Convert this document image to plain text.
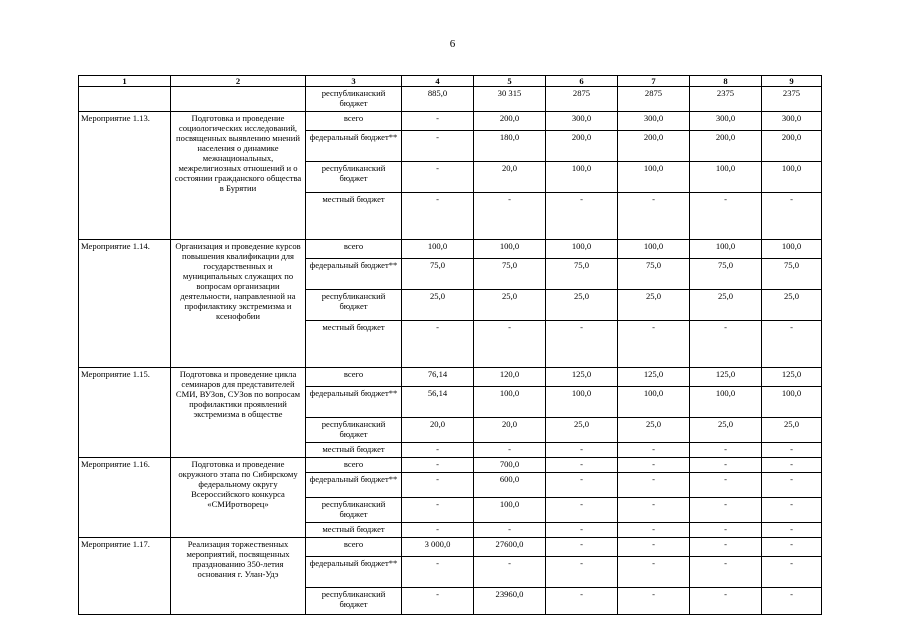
6
1	2	3	4	5	6	7	8	9
		республиканский бюджет	885,0	30 315	2875	2875	2375	2375
Мероприятие 1.13.	Подготовка и проведение социологических исследований, посвященных выявлению мнений населения о динамике межнациональных, межрелигиозных отношений и о состоянии гражданского общества в Бурятии	всего	-	200,0	300,0	300,0	300,0	300,0
		федеральный бюджет**	-	180,0	200,0	200,0	200,0	200,0
		республиканский бюджет	-	20,0	100,0	100,0	100,0	100,0
		местный бюджет	-	-	-	-	-	-
Мероприятие 1.14.	Организация и проведение курсов повышения квалификации для государственных и муниципальных служащих по вопросам организации деятельности, направленной на профилактику экстремизма и ксенофобии	всего	100,0	100,0	100,0	100,0	100,0	100,0
		федеральный бюджет**	75,0	75,0	75,0	75,0	75,0	75,0
		республиканский бюджет	25,0	25,0	25,0	25,0	25,0	25,0
		местный бюджет	-	-	-	-	-	-
Мероприятие 1.15.	Подготовка и проведение цикла семинаров для представителей СМИ, ВУЗов, СУЗов по вопросам профилактики проявлений экстремизма в обществе	всего	76,14	120,0	125,0	125,0	125,0	125,0
		федеральный бюджет**	56,14	100,0	100,0	100,0	100,0	100,0
		республиканский бюджет	20,0	20,0	25,0	25,0	25,0	25,0
		местный бюджет	-	-	-	-	-	-
Мероприятие 1.16.	Подготовка и проведение окружного этапа по Сибирскому федеральному округу Всероссийского конкурса «СМИротворец»	всего	-	700,0	-	-	-	-
		федеральный бюджет**	-	600,0	-	-	-	-
		республиканский бюджет	-	100,0	-	-	-	-
		местный бюджет	-	-	-	-	-	-
Мероприятие 1.17.	Реализация торжественных мероприятий, посвященных празднованию 350-летия основания г. Улан-Удэ	всего	3 000,0	27600,0	-	-	-	-
		федеральный бюджет**	-	-	-	-	-	-
		республиканский бюджет	-	23960,0	-	-	-	-
